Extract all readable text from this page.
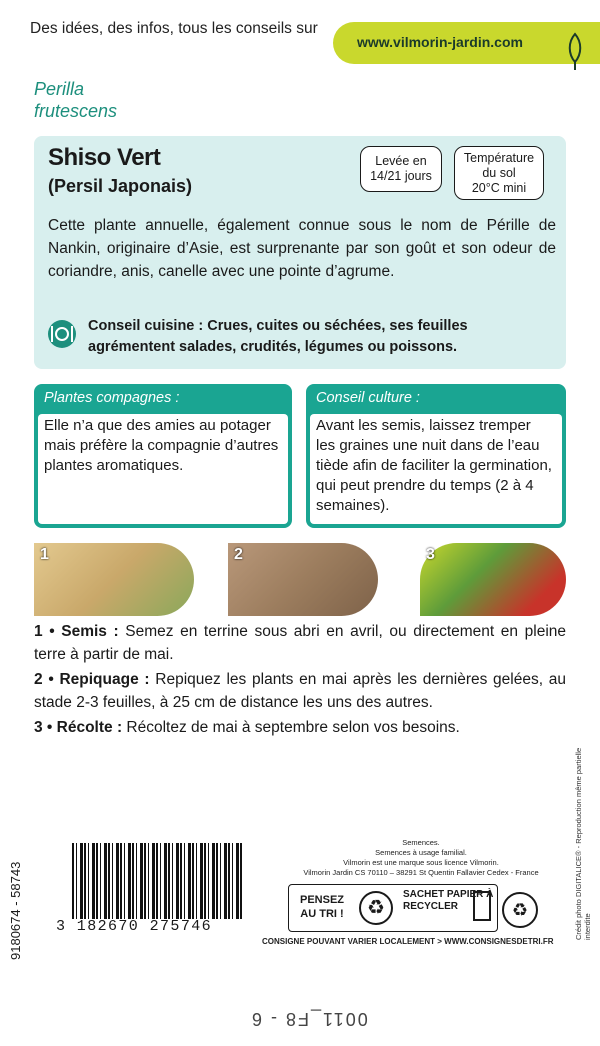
Des idées, des infos, tous les conseils sur
www.vilmorin-jardin.com
Perilla
frutescens
Shiso Vert
(Persil Japonais)
Levée en
14/21 jours
Température
du sol
20°C mini
Cette plante annuelle, également connue sous le nom de Pérille de Nankin, originaire d’Asie, est surprenante par son goût et son odeur de coriandre, anis, canelle avec une pointe d’agrume.
Conseil cuisine : Crues, cuites ou séchées, ses feuilles agrémentent salades, crudités, légumes ou poissons.
Plantes compagnes :
Elle n’a que des amies au potager mais préfère la compagnie d’autres plantes aromatiques.
Conseil culture :
Avant les semis, laissez tremper les graines une nuit dans de l’eau tiède afin de faciliter la germination, qui peut prendre du temps (2 à 4 semaines).
1	2	3

1 • Semis : Semez en terrine sous abri en avril, ou directement en pleine terre à partir de mai.

2 • Repiquage : Repiquez les plants en mai après les dernières gelées, au stade 2-3 feuilles, à 25 cm de distance les uns des autres.

3 • Récolte : Récoltez de mai à septembre selon vos besoins.

9180674 - 58743	Crédit photo DIGITALICE® - Reproduction même partielle interdite
3 182670 275746
Semences.
Semences à usage familial.
Vilmorin est une marque sous licence Vilmorin.
Vilmorin Jardin CS 70110 – 38291 St Quentin Fallavier Cedex - France
PENSEZ AU TRI !	♻
SACHET PAPIER À RECYCLER	♻
CONSIGNE POUVANT VARIER LOCALEMENT > WWW.CONSIGNESDETRI.FR
0011_F8 - 6
